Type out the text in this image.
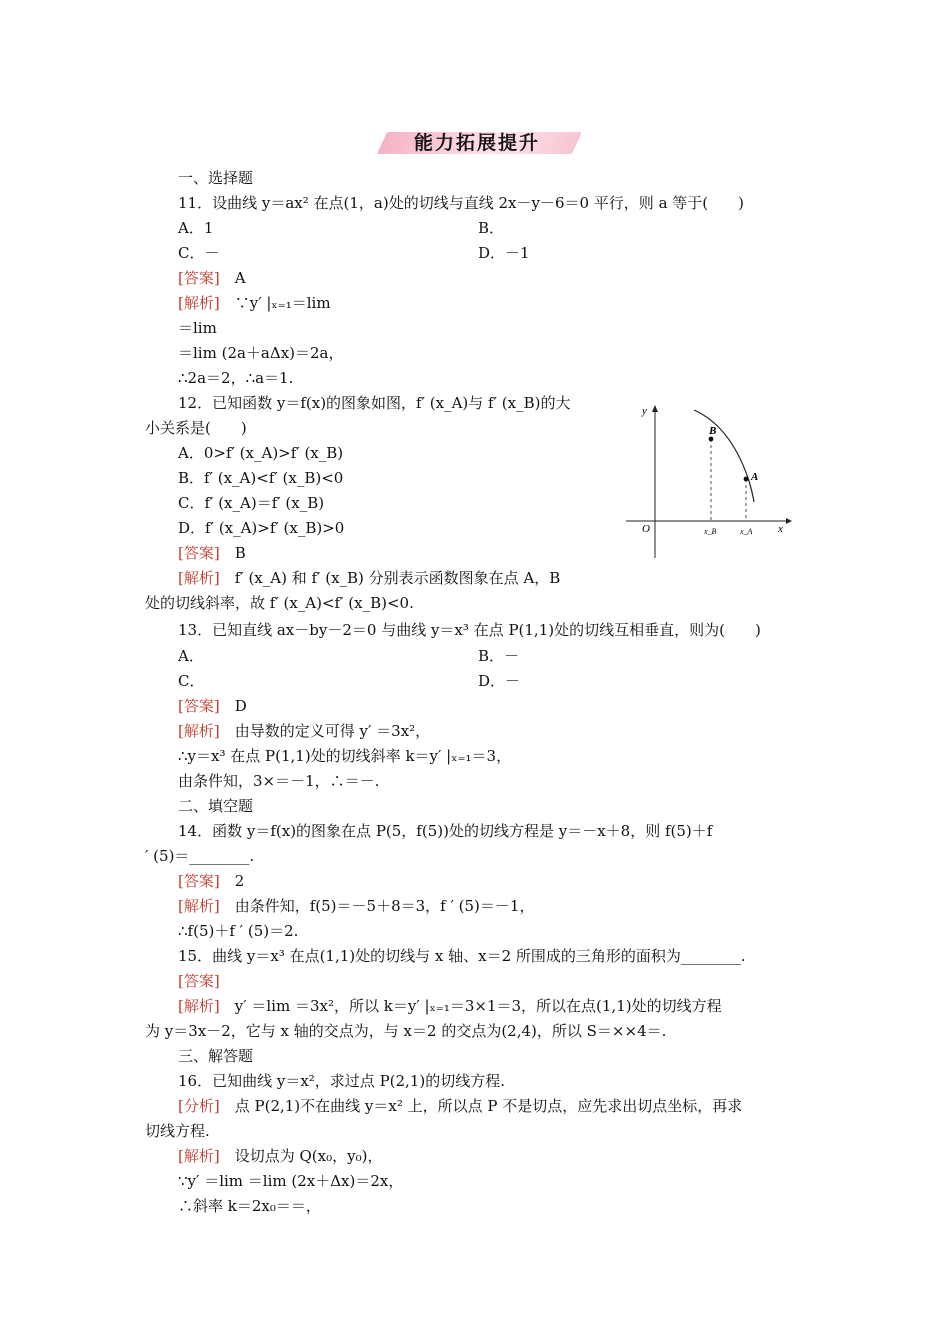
能力拓展提升
一、选择题
11．设曲线 y＝ax² 在点(1，a)处的切线与直线 2x－y－6＝0 平行，则 a 等于(　　)
A．1	B．
C．－	D．－1
[答案]　 A
[解析]　 ∵y′ |ₓ₌₁＝lim
＝lim
＝lim (2a＋aΔx)＝2a，
∴2a＝2，∴a＝1.
12．已知函数 y＝f(x)的图象如图，f′ (x_A)与 f′ (x_B)的大
小关系是(　　)
A．0>f′ (x_A)>f′ (x_B)
B．f′ (x_A)<f′ (x_B)<0
C．f′ (x_A)＝f′ (x_B)
D．f′ (x_A)>f′ (x_B)>0
[答案]　 B
[解析]　 f′ (x_A) 和 f′ (x_B) 分别表示函数图象在点 A，B
处的切线斜率，故 f′ (x_A)<f′ (x_B)<0.
y
x
O
B
A
x_B	x_A
13．已知直线 ax－by－2＝0 与曲线 y＝x³ 在点 P(1,1)处的切线互相垂直，则为(　　)
A．	B．－
C．	D．－
[答案]　 D
[解析]　 由导数的定义可得 y′ ＝3x²，
∴y＝x³ 在点 P(1,1)处的切线斜率 k＝y′ |ₓ₌₁＝3，
由条件知，3×＝－1，∴＝－.
二、填空题
14．函数 y＝f(x)的图象在点 P(5，f(5))处的切线方程是 y＝－x＋8，则 f(5)＋f
′ (5)＝________.
[答案]　 2
[解析]　 由条件知，f(5)＝－5＋8＝3，f ′ (5)＝－1，
∴f(5)＋f ′ (5)＝2.
15．曲线 y＝x³ 在点(1,1)处的切线与 x 轴、x＝2 所围成的三角形的面积为________.
[答案]
[解析]　 y′ ＝lim ＝3x²，所以 k＝y′ |ₓ₌₁＝3×1＝3，所以在点(1,1)处的切线方程
为 y＝3x－2，它与 x 轴的交点为，与 x＝2 的交点为(2,4)，所以 S＝××4＝.
三、解答题
16．已知曲线 y＝x²，求过点 P(2,1)的切线方程.
[分析]　 点 P(2,1)不在曲线 y＝x² 上，所以点 P 不是切点，应先求出切点坐标，再求
切线方程.
[解析]　 设切点为 Q(x₀，y₀)，
∵y′ ＝lim ＝lim (2x＋Δx)＝2x，
∴斜率 k＝2x₀＝＝，
